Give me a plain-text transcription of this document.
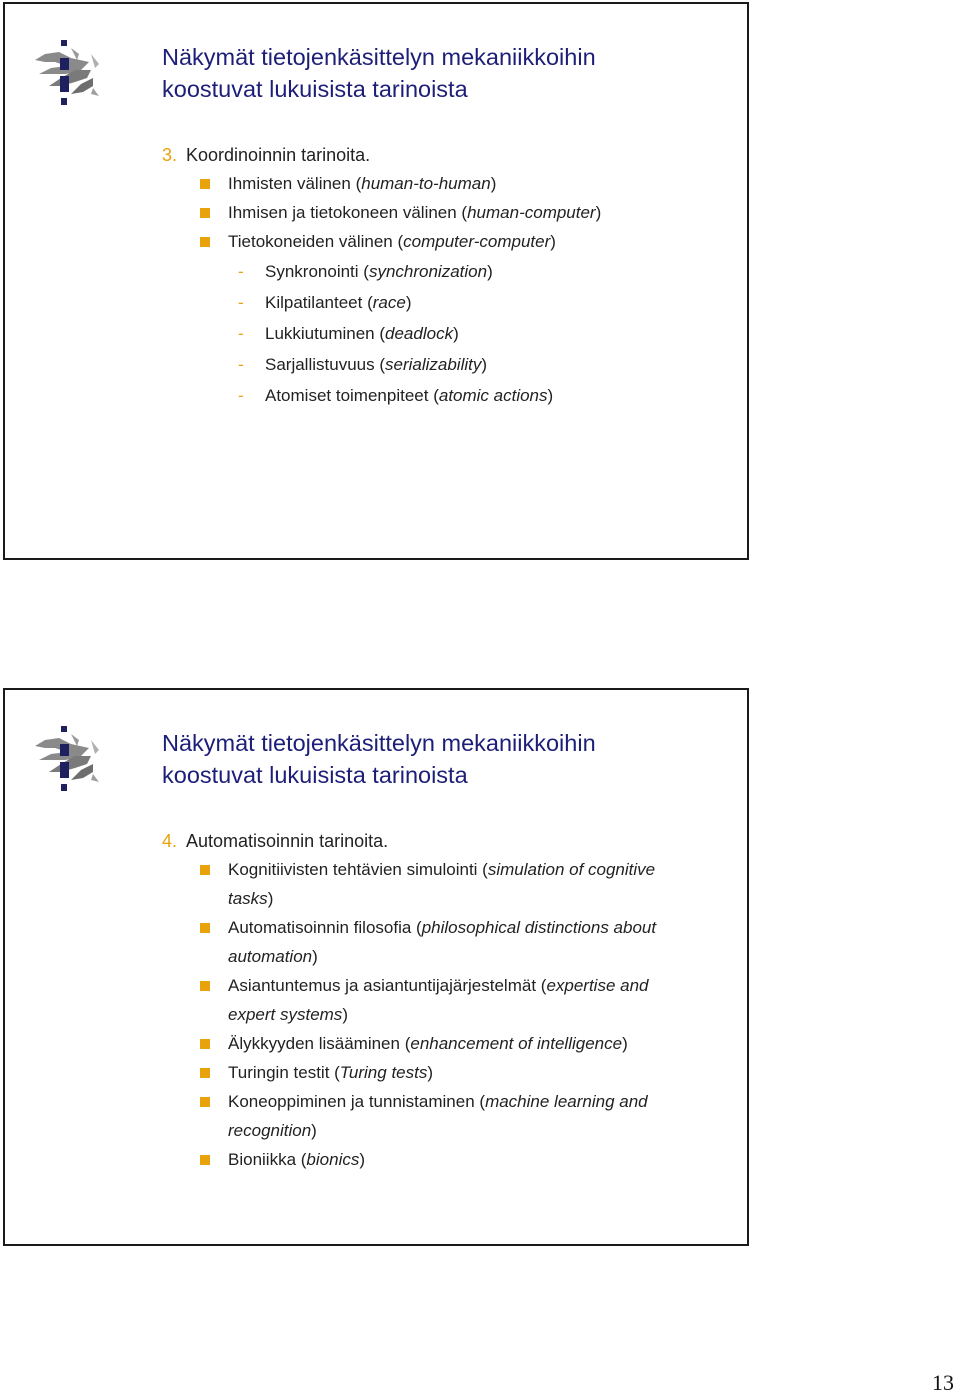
Näkymät tietojenkäsittelyn mekaniikkoihin
koostuvat lukuisista tarinoista
3. Koordinoinnin tarinoita.
Ihmisten välinen (human-to-human)
Ihmisen ja tietokoneen välinen (human-computer)
Tietokoneiden välinen (computer-computer)
- Synkronointi (synchronization)
- Kilpatilanteet (race)
- Lukkiutuminen (deadlock)
- Sarjallistuvuus (serializability)
- Atomiset toimenpiteet (atomic actions)
Näkymät tietojenkäsittelyn mekaniikkoihin
koostuvat lukuisista tarinoista
4. Automatisoinnin tarinoita.
Kognitiivisten tehtävien simulointi (simulation of cognitive
tasks)
Automatisoinnin filosofia (philosophical distinctions about
automation)
Asiantuntemus ja asiantuntijajärjestelmät (expertise and
expert systems)
Älykkyyden lisääminen (enhancement of intelligence)
Turingin testit (Turing tests)
Koneoppiminen ja tunnistaminen (machine learning and
recognition)
Bioniikka (bionics)
13
